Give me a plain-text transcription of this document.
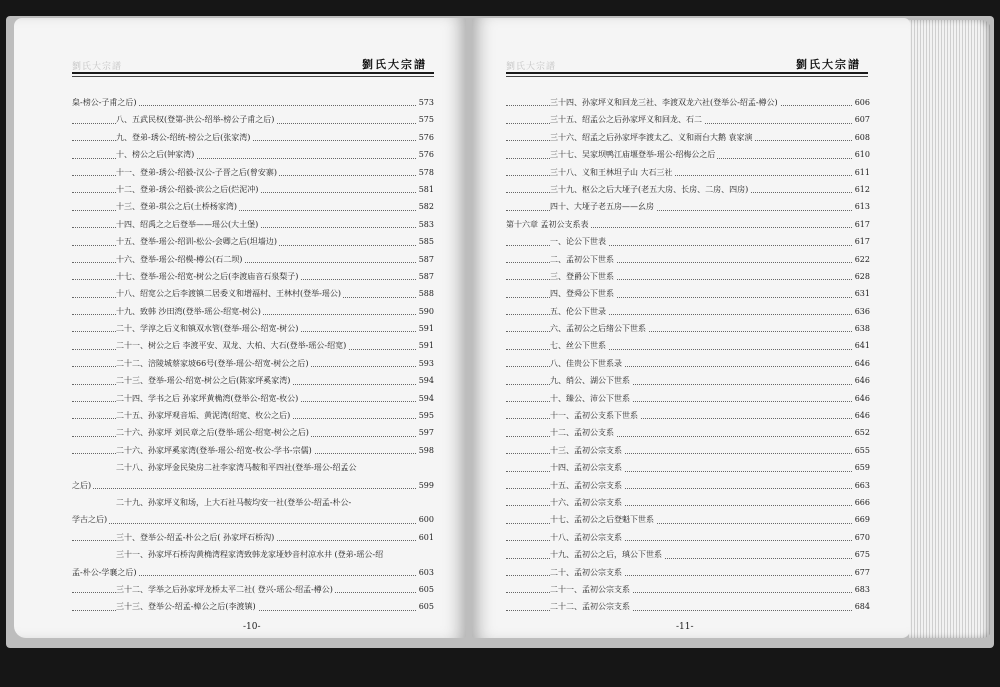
劉氏大宗譜	劉氏大宗譜
枲-榜公-子甫之后)	573
八、五武民权(登第-洪公-绍举-榜公子甫之后)	575
九、登弟-琇公-绍统-榜公之后(张家湾)	576
十、榜公之后(钟家湾)	576
十一、登弟-琇公-绍毅-汉公-子晋之后(曾安寨)	578
十二、登弟-琇公-绍毅-滨公之后(烂泥冲)	581
十三、登弟-琪公之后(土桥杨家湾)	582
十四、绍禹之之后登举——瑶公(大土堡)	583
十五、登举-瑶公-绍训-松公-会卿之后(坦墙边)	585
十六、登举-瑶公-绍模-樽公(石二坝)	587
十七、登举-瑶公-绍宽-树公之后(李渡庙音石泉梨子)	587
十八、绍宽公之后李渡镇二居委义和增福村、王林村(登举-瑶公)	588
十九、致韩 沙田湾(登举-瑶公-绍宽-树公)	590
二十、学淳之后义和镇双水管(登举-瑶公-绍宽-树公)	591
二十一、树公之后 李渡平安、双龙、大柏、大石(登举-瑶公-绍宽)	591
二十二、涪陵城蔡家坡66号(登举-瑶公-绍宽-树公之后)	593
二十三、登举-瑶公-绍宽-树公之后(陈家坪奚家湾)	594
二十四、学书之后 孙家坪黄桷湾(登举公-绍宽-枚公)	594
二十五、孙家坪观音垢、黄泥湾(绍宽、枚公之后)	595
二十六、孙家坪 刘民章之后(登举-瑶公-绍宽-树公之后)	597
二十六、孙家坪奚家湾(登举-瑶公-绍宽-枚公-学书-宗儒)	598
二十八、孙家坪金民染房二社李家湾马鞍和平四社(登举-瑶公-绍孟公
之后)	599
二十九、孙家坪义和场，上大石社马鞍均安一社(登举公-绍孟-朴公-
学古之后)	600
三十、登举公-绍孟-朴公之后( 孙家坪石桥沟)	601
三十一、孙家坪石桥沟黄桷湾程家湾致韩龙家垭妙音村凉水井 (登弟-瑶公-绍
孟-朴公-学襄之后)	603
三十二、学举之后孙家坪龙桥太平二社( 登兴-瑶公-绍孟-樽公)	605
三十三、登举公-绍孟-樟公之后(李渡镇)	605
-10-
劉氏大宗譜	劉氏大宗譜
三十四、孙家坪义和回龙三社、李渡双龙六社(登举公-绍孟-樽公)	606
三十五、绍孟公之后孙家坪义和回龙、石二	607
三十六、绍孟之后孙家坪李渡太乙、义和雨台大鹅 袁家演	608
三十七、吴家坝鸭江庙堰登举-瑶公-绍梅公之后	610
三十八、义和王林坦子山 大石三社	611
三十九、枢公之后大垭子(老五大房、长房、二房、四房)	612
四十、大垭子老五房——幺房	613
第十六章 孟初公支系表	617
一、论公下世表	617
二、孟初公下世系	622
三、登爵公下世系	628
四、登舜公下世系	631
五、伦公下世录	636
六、孟初公之后绪公下世系	638
七、丝公下世系	641
八、佳贵公下世系录	646
九、绡公、湖公下世系	646
十、臻公、沛公下世系	646
十一、孟初公支系下世系	646
十二、孟初公支系	652
十三、孟初公宗支系	655
十四、孟初公宗支系	659
十五、孟初公宗支系	663
十六、孟初公宗支系	666
十七、孟初公之后登魁下世系	669
十八、孟初公宗支系	670
十九、孟初公之后，瑱公下世系	675
二十、孟初公宗支系	677
二十一、孟初公宗支系	683
二十二、孟初公宗支系	684
-11-
